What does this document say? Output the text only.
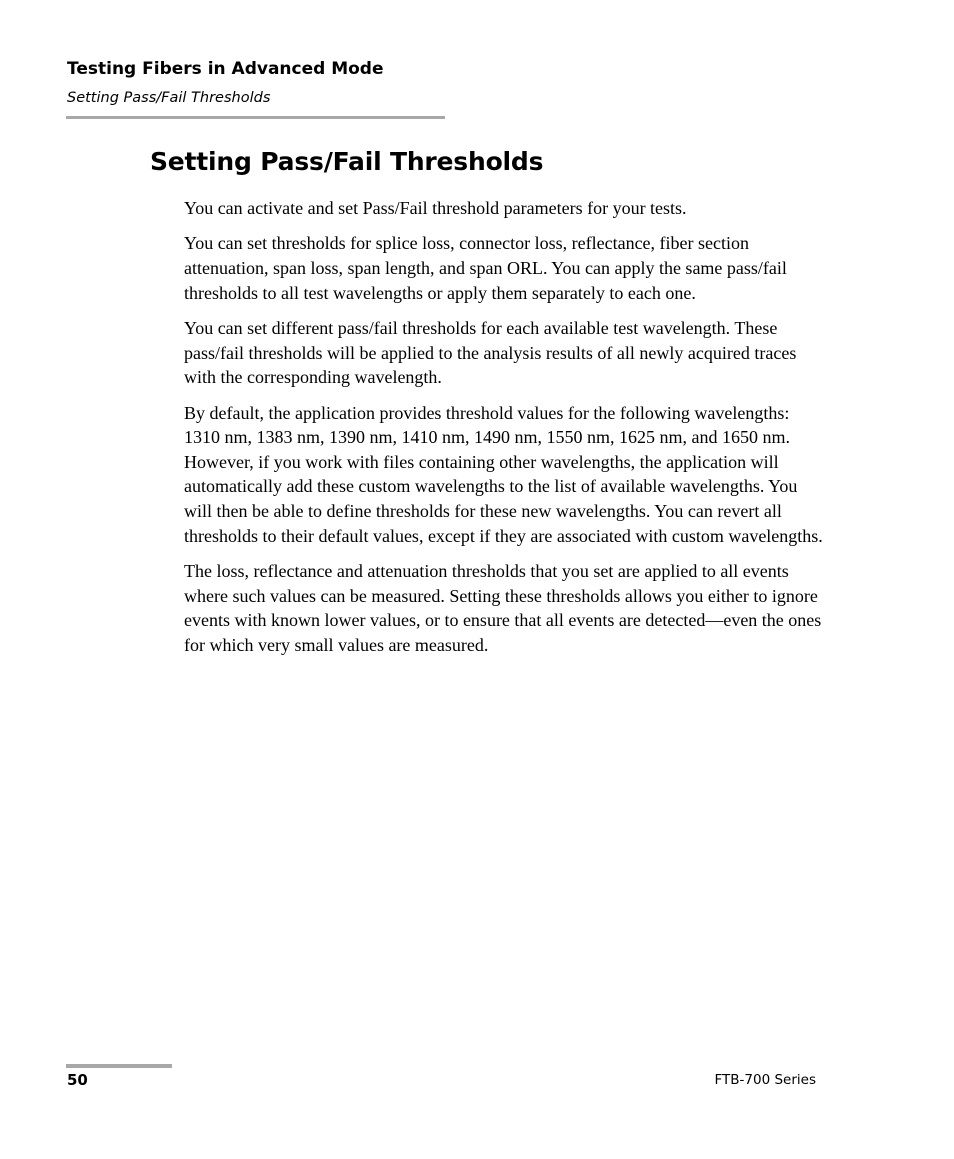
Testing Fibers in Advanced Mode
Setting Pass/Fail Thresholds
Setting Pass/Fail Thresholds

You can activate and set Pass/Fail threshold parameters for your tests.

You can set thresholds for splice loss, connector loss, reflectance, fiber section attenuation, span loss, span length, and span ORL. You can apply the same pass/fail thresholds to all test wavelengths or apply them separately to each one.

You can set different pass/fail thresholds for each available test wavelength. These pass/fail thresholds will be applied to the analysis results of all newly acquired traces with the corresponding wavelength.

By default, the application provides threshold values for the following wavelengths: 1310 nm, 1383 nm, 1390 nm, 1410 nm, 1490 nm, 1550 nm, 1625 nm, and 1650 nm. However, if you work with files containing other wavelengths, the application will automatically add these custom wavelengths to the list of available wavelengths. You will then be able to define thresholds for these new wavelengths. You can revert all thresholds to their default values, except if they are associated with custom wavelengths.

The loss, reflectance and attenuation thresholds that you set are applied to all events where such values can be measured. Setting these thresholds allows you either to ignore events with known lower values, or to ensure that all events are detected—even the ones for which very small values are measured.

50	FTB-700 Series
